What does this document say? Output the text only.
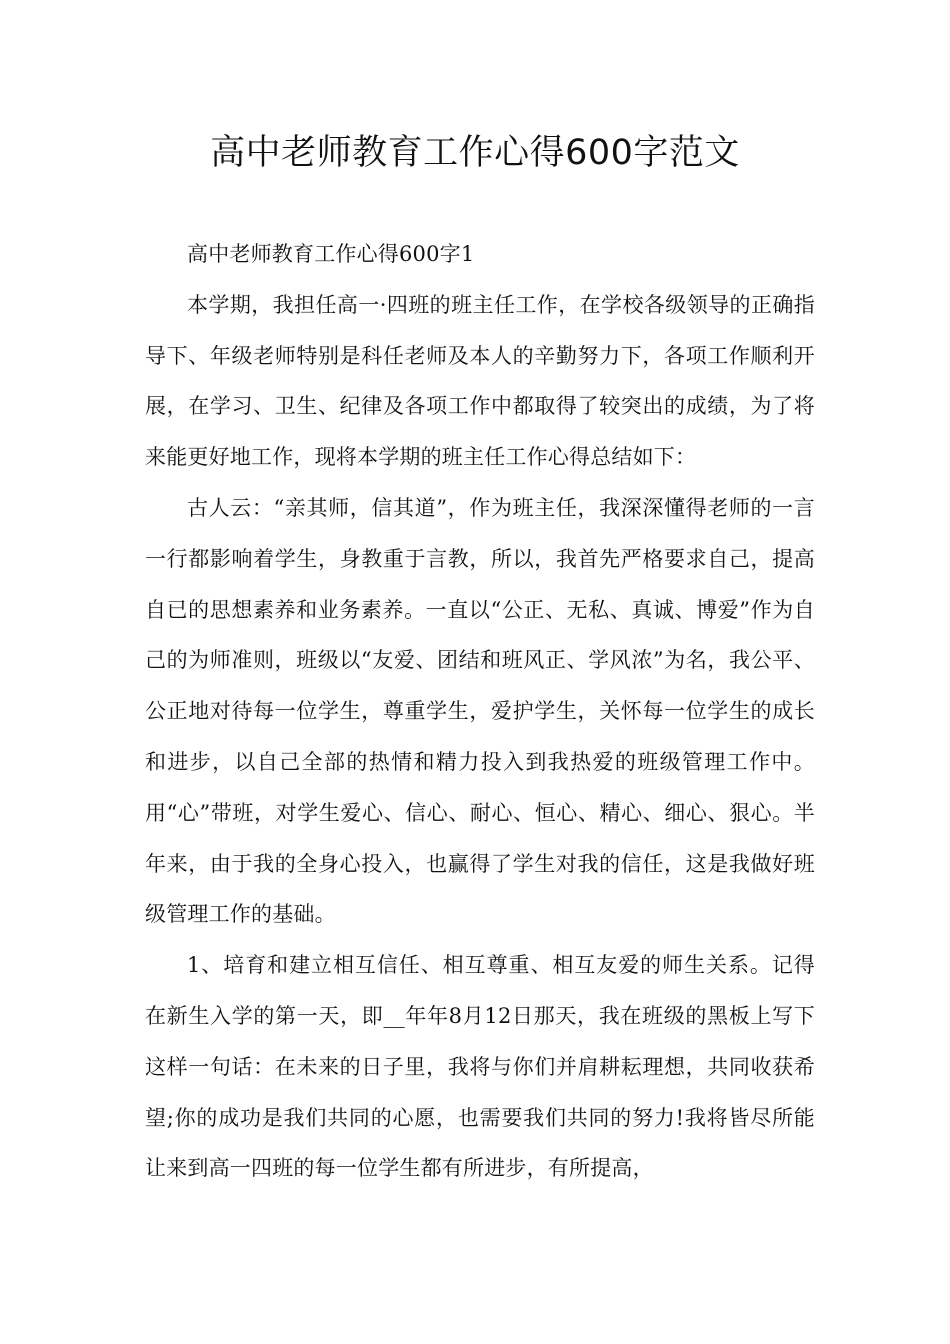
高中老师教育工作心得600字范文

高中老师教育工作心得600字1

本学期，我担任高一·四班的班主任工作，在学校各级领导的正确指导下、年级老师特别是科任老师及本人的辛勤努力下，各项工作顺利开展，在学习、卫生、纪律及各项工作中都取得了较突出的成绩，为了将来能更好地工作，现将本学期的班主任工作心得总结如下：

古人云：“亲其师，信其道”，作为班主任，我深深懂得老师的一言一行都影响着学生，身教重于言教，所以，我首先严格要求自己，提高自已的思想素养和业务素养。一直以“公正、无私、真诚、博爱”作为自己的为师准则，班级以“友爱、团结和班风正、学风浓”为名，我公平、公正地对待每一位学生，尊重学生，爱护学生，关怀每一位学生的成长和进步，以自己全部的热情和精力投入到我热爱的班级管理工作中。用“心”带班，对学生爱心、信心、耐心、恒心、精心、细心、狠心。半年来，由于我的全身心投入，也赢得了学生对我的信任，这是我做好班级管理工作的基础。

1、培育和建立相互信任、相互尊重、相互友爱的师生关系。记得在新生入学的第一天，即__年年8月12日那天，我在班级的黑板上写下这样一句话：在未来的日子里，我将与你们并肩耕耘理想，共同收获希望;你的成功是我们共同的心愿，也需要我们共同的努力!我将皆尽所能让来到高一四班的每一位学生都有所进步，有所提高，
